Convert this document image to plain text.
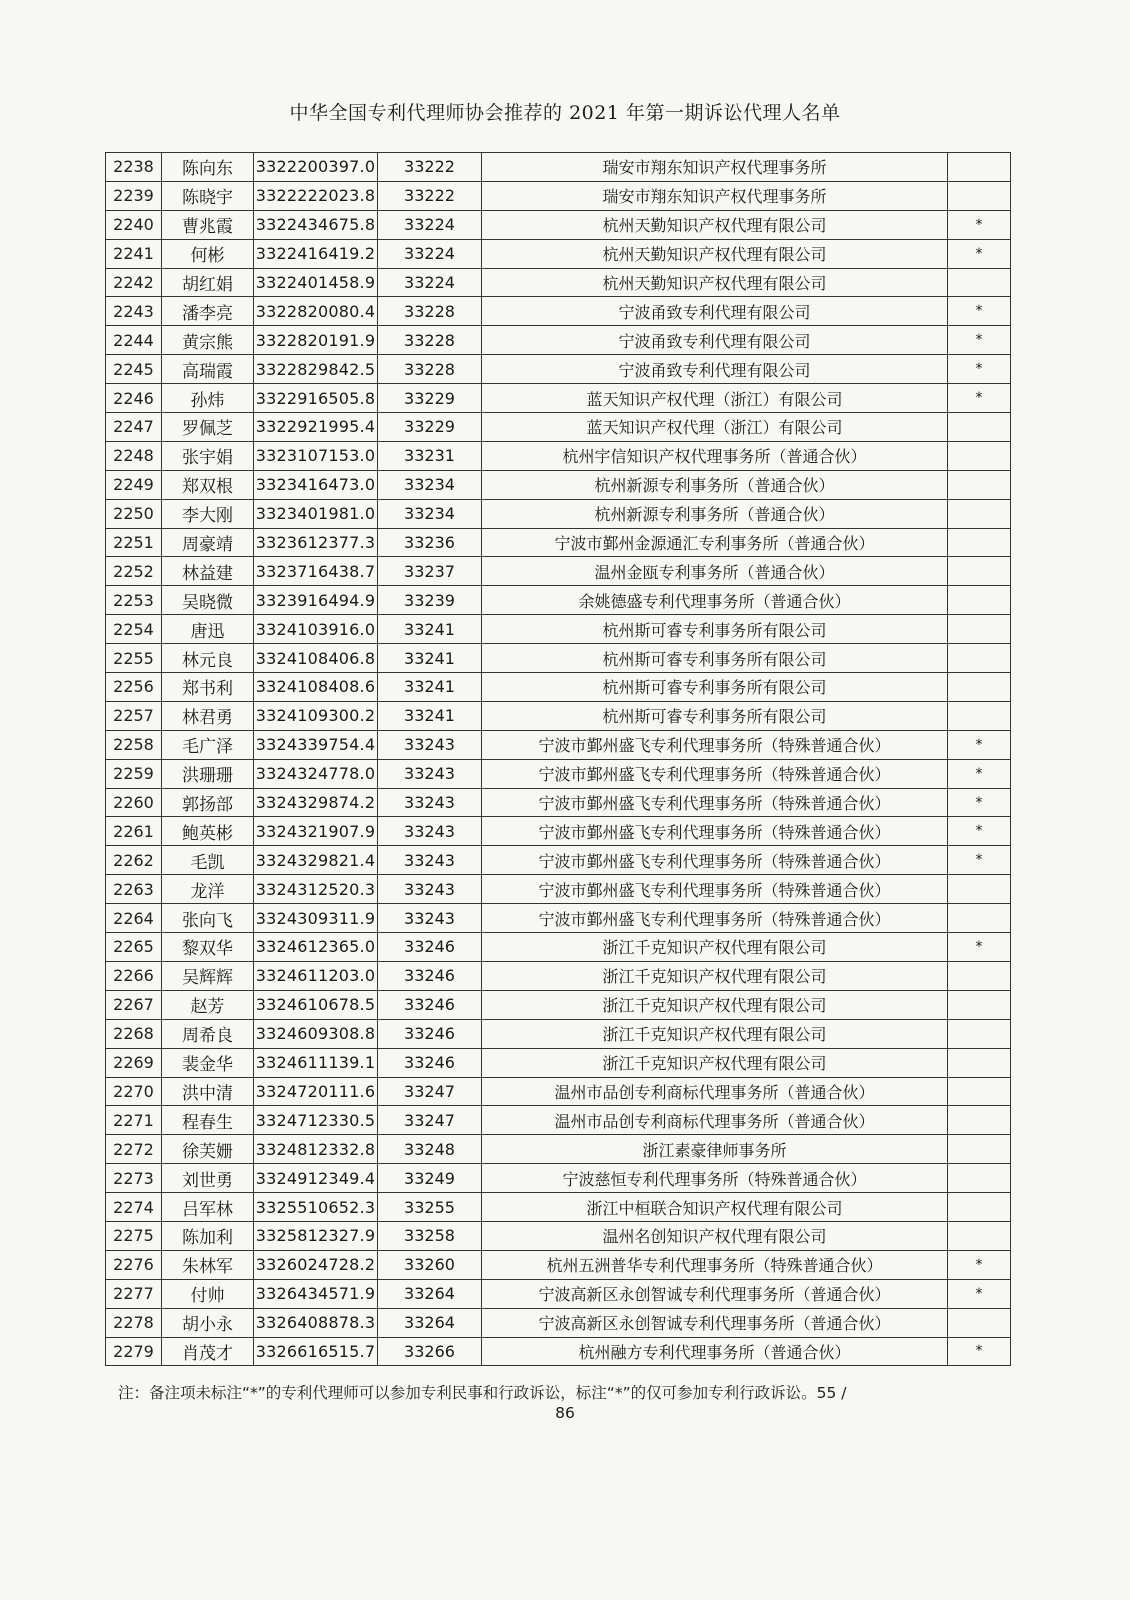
中华全国专利代理师协会推荐的 2021 年第一期诉讼代理人名单
2238	陈向东	3322200397.0	33222	瑞安市翔东知识产权代理事务所	
2239	陈晓宇	3322222023.8	33222	瑞安市翔东知识产权代理事务所	
2240	曹兆霞	3322434675.8	33224	杭州天勤知识产权代理有限公司	*
2241	何彬	3322416419.2	33224	杭州天勤知识产权代理有限公司	*
2242	胡红娟	3322401458.9	33224	杭州天勤知识产权代理有限公司	
2243	潘李亮	3322820080.4	33228	宁波甬致专利代理有限公司	*
2244	黄宗熊	3322820191.9	33228	宁波甬致专利代理有限公司	*
2245	高瑞霞	3322829842.5	33228	宁波甬致专利代理有限公司	*
2246	孙炜	3322916505.8	33229	蓝天知识产权代理（浙江）有限公司	*
2247	罗佩芝	3322921995.4	33229	蓝天知识产权代理（浙江）有限公司	
2248	张宇娟	3323107153.0	33231	杭州宇信知识产权代理事务所（普通合伙）	
2249	郑双根	3323416473.0	33234	杭州新源专利事务所（普通合伙）	
2250	李大刚	3323401981.0	33234	杭州新源专利事务所（普通合伙）	
2251	周豪靖	3323612377.3	33236	宁波市鄞州金源通汇专利事务所（普通合伙）	
2252	林益建	3323716438.7	33237	温州金瓯专利事务所（普通合伙）	
2253	吴晓微	3323916494.9	33239	余姚德盛专利代理事务所（普通合伙）	
2254	唐迅	3324103916.0	33241	杭州斯可睿专利事务所有限公司	
2255	林元良	3324108406.8	33241	杭州斯可睿专利事务所有限公司	
2256	郑书利	3324108408.6	33241	杭州斯可睿专利事务所有限公司	
2257	林君勇	3324109300.2	33241	杭州斯可睿专利事务所有限公司	
2258	毛广泽	3324339754.4	33243	宁波市鄞州盛飞专利代理事务所（特殊普通合伙）	*
2259	洪珊珊	3324324778.0	33243	宁波市鄞州盛飞专利代理事务所（特殊普通合伙）	*
2260	郭扬部	3324329874.2	33243	宁波市鄞州盛飞专利代理事务所（特殊普通合伙）	*
2261	鲍英彬	3324321907.9	33243	宁波市鄞州盛飞专利代理事务所（特殊普通合伙）	*
2262	毛凯	3324329821.4	33243	宁波市鄞州盛飞专利代理事务所（特殊普通合伙）	*
2263	龙洋	3324312520.3	33243	宁波市鄞州盛飞专利代理事务所（特殊普通合伙）	
2264	张向飞	3324309311.9	33243	宁波市鄞州盛飞专利代理事务所（特殊普通合伙）	
2265	黎双华	3324612365.0	33246	浙江千克知识产权代理有限公司	*
2266	吴辉辉	3324611203.0	33246	浙江千克知识产权代理有限公司	
2267	赵芳	3324610678.5	33246	浙江千克知识产权代理有限公司	
2268	周希良	3324609308.8	33246	浙江千克知识产权代理有限公司	
2269	裴金华	3324611139.1	33246	浙江千克知识产权代理有限公司	
2270	洪中清	3324720111.6	33247	温州市品创专利商标代理事务所（普通合伙）	
2271	程春生	3324712330.5	33247	温州市品创专利商标代理事务所（普通合伙）	
2272	徐芙姗	3324812332.8	33248	浙江素豪律师事务所	
2273	刘世勇	3324912349.4	33249	宁波慈恒专利代理事务所（特殊普通合伙）	
2274	吕军林	3325510652.3	33255	浙江中桓联合知识产权代理有限公司	
2275	陈加利	3325812327.9	33258	温州名创知识产权代理有限公司	
2276	朱林军	3326024728.2	33260	杭州五洲普华专利代理事务所（特殊普通合伙）	*
2277	付帅	3326434571.9	33264	宁波高新区永创智诚专利代理事务所（普通合伙）	*
2278	胡小永	3326408878.3	33264	宁波高新区永创智诚专利代理事务所（普通合伙）	
2279	肖茂才	3326616515.7	33266	杭州融方专利代理事务所（普通合伙）	*
注：备注项未标注“*”的专利代理师可以参加专利民事和行政诉讼，标注“*”的仅可参加专利行政诉讼。55 /
86
